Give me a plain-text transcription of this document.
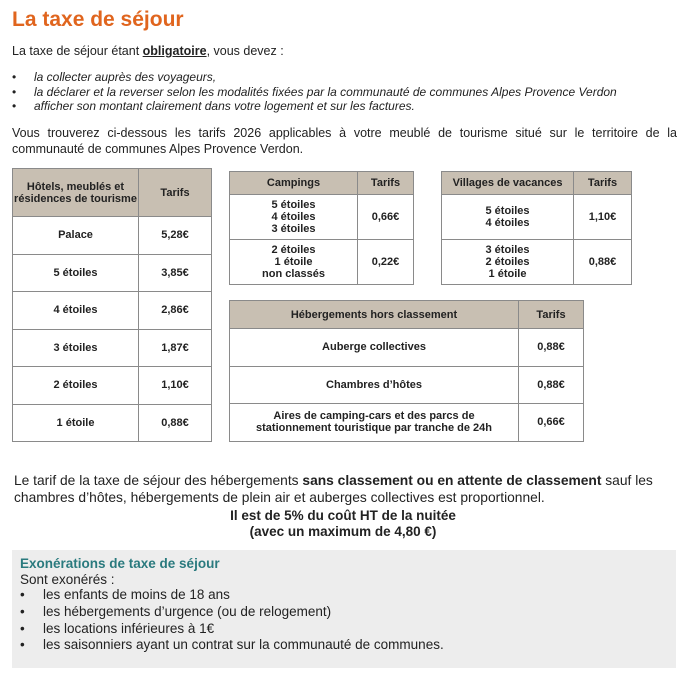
La taxe de séjour

La taxe de séjour étant obligatoire, vous devez :

• la collecter auprès des voyageurs,
• la déclarer et la reverser selon les modalités fixées par la communauté de communes Alpes Provence Verdon
• afficher son montant clairement dans votre logement et sur les factures.

Vous trouverez ci-dessous les tarifs 2026 applicables à votre meublé de tourisme situé sur le territoire de la communauté de communes Alpes Provence Verdon.

Hôtels, meublés et résidences de tourisme	Tarifs
Palace	5,28€
5 étoiles	3,85€
4 étoiles	2,86€
3 étoiles	1,87€
2 étoiles	1,10€
1 étoile	0,88€
Campings	Tarifs

5 étoiles
4 étoiles
3 étoiles	0,66€

2 étoiles
1 étoile
non classés	0,22€
Villages de vacances	Tarifs

5 étoiles
4 étoiles	1,10€

3 étoiles
2 étoiles
1 étoile	0,88€
Hébergements hors classement	Tarifs
Auberge collectives	0,88€
Chambres d’hôtes	0,88€
Aires de camping-cars et des parcs de stationnement touristique par tranche de 24h	0,66€

Le tarif de la taxe de séjour des hébergements sans classement ou en attente de classement sauf les chambres d’hôtes, hébergements de plein air et auberges collectives est proportionnel.

Il est de 5% du coût HT de la nuitée
(avec un maximum de 4,80 €)
Exonérations de taxe de séjour
Sont exonérés :
• les enfants de moins de 18 ans
• les hébergements d’urgence (ou de relogement)
• les locations inférieures à 1€
• les saisonniers ayant un contrat sur la communauté de communes.
